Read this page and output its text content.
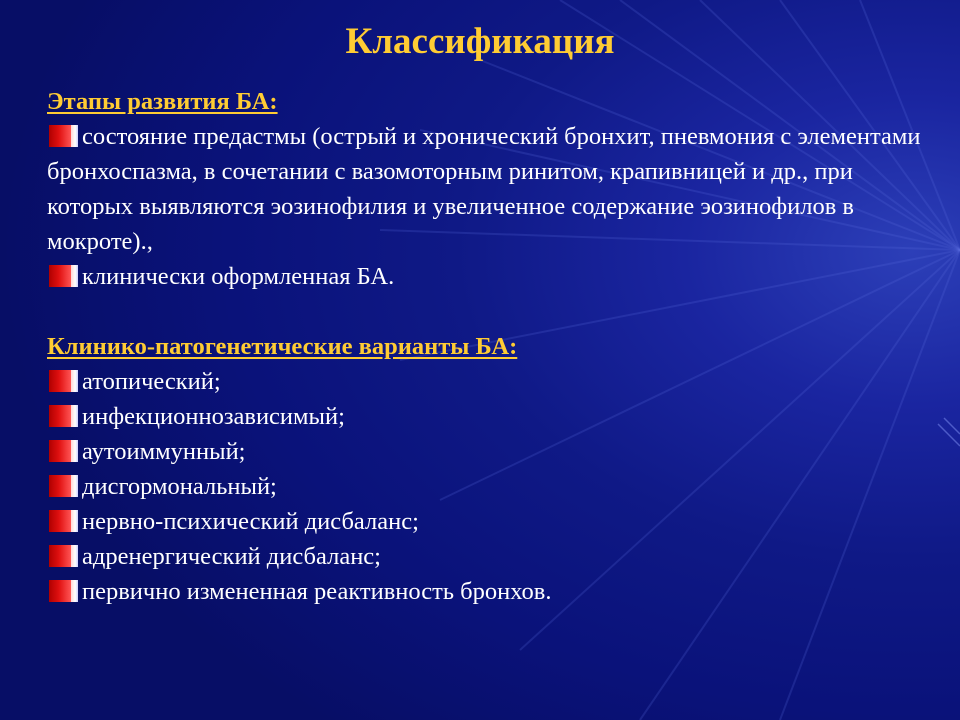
Классификация

Этапы развития БА:

состояние предастмы (острый и хронический бронхит, пневмония с элементами бронхоспазма, в сочетании с вазомоторным ринитом, крапивницей и др., при которых выявляются эозинофилия и увеличенное содержание эозинофилов в мокроте).,

клинически оформленная БА.

Клинико-патогенетические варианты БА:

атопический;

инфекционнозависимый;

аутоиммунный;

дисгормональный;

нервно-психический дисбаланс;

адренергический дисбаланс;

первично измененная реактивность бронхов.
